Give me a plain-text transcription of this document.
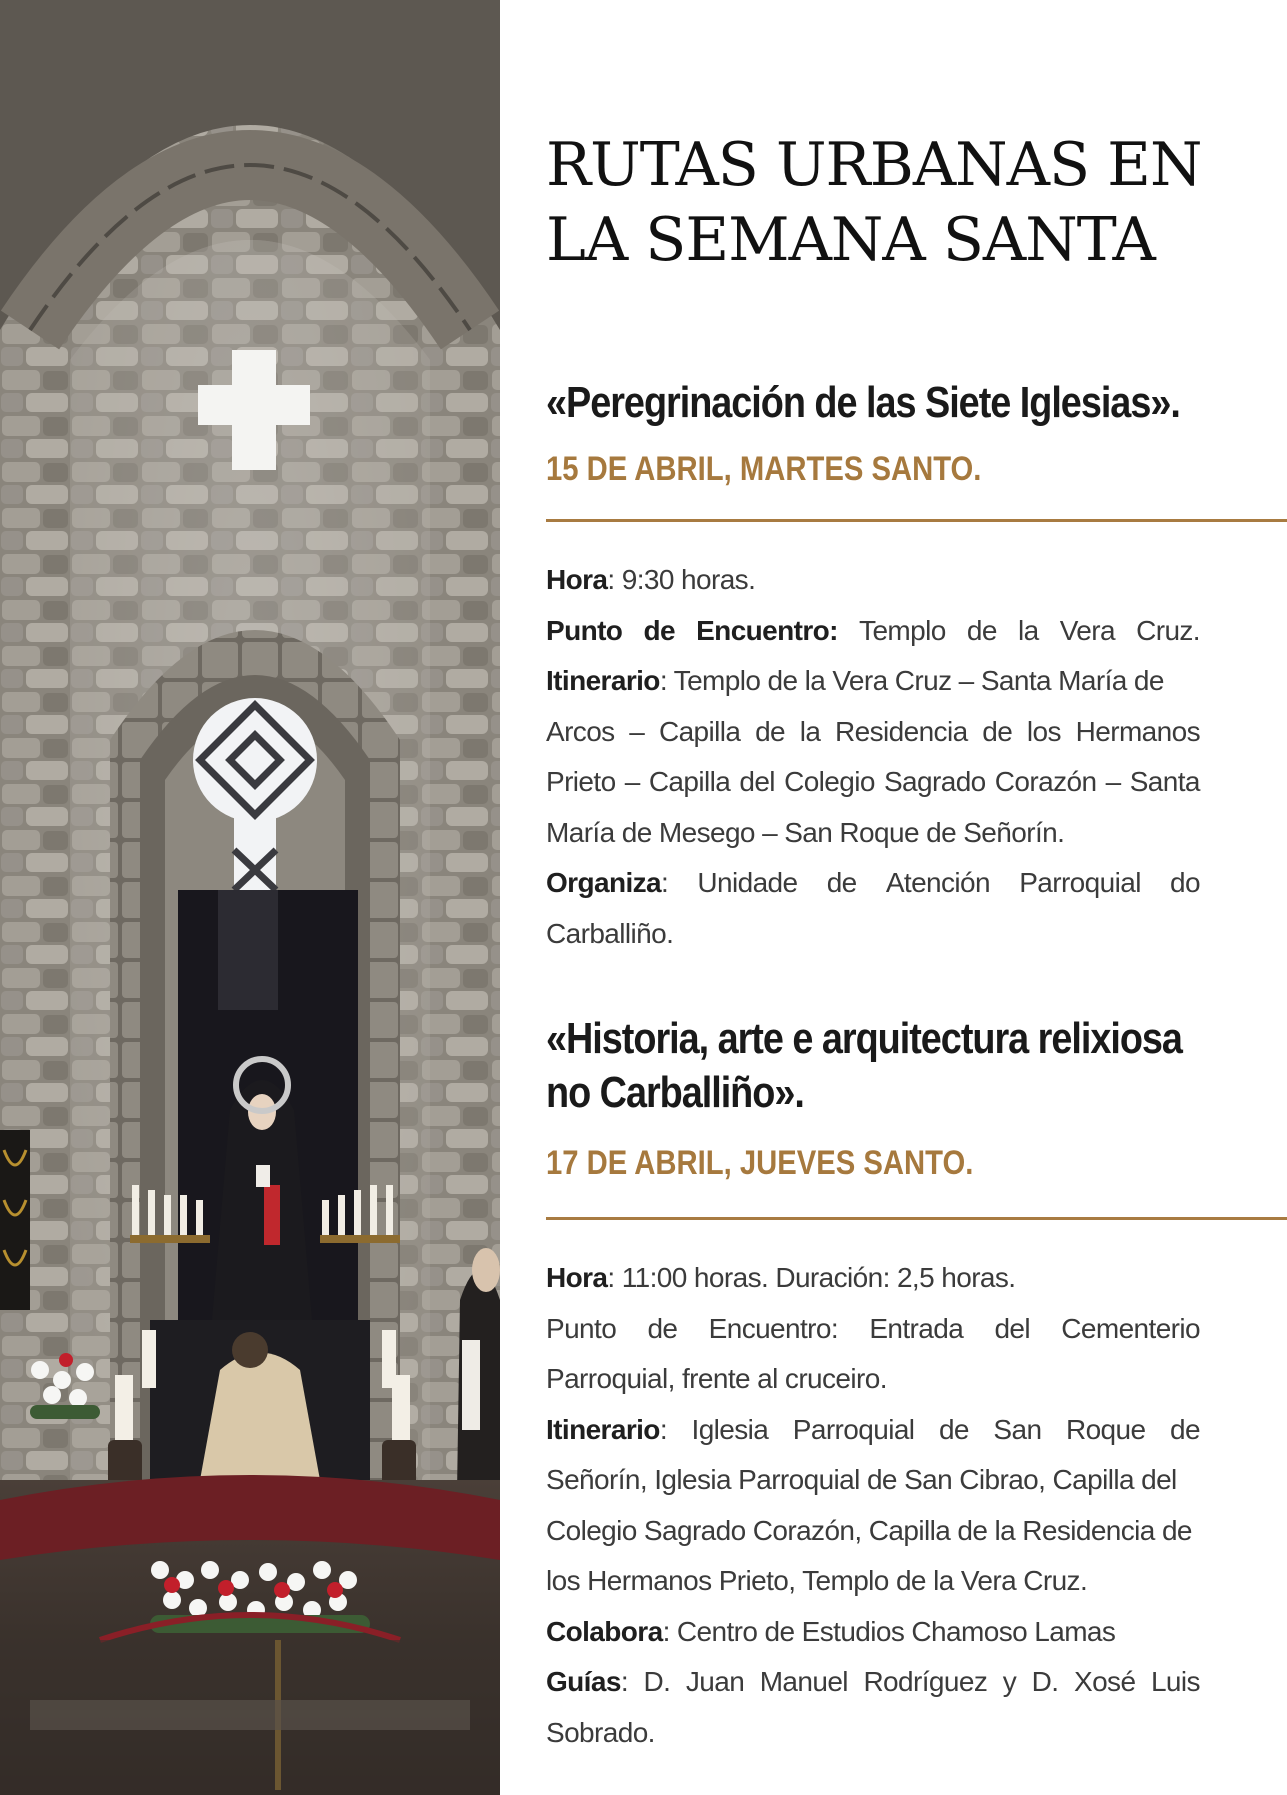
RUTAS URBANAS EN
LA SEMANA SANTA
«Peregrinación de las Siete Iglesias».
15 DE ABRIL, MARTES SANTO.
Hora: 9:30 horas.
Punto de Encuentro: Templo de la Vera Cruz.
Itinerario: Templo de la Vera Cruz – Santa María de
Arcos – Capilla de la Residencia de los Hermanos
Prieto – Capilla del Colegio Sagrado Corazón – Santa
María de Mesego – San Roque de Señorín.
Organiza: Unidade de Atención Parroquial do
Carballiño.
«Historia, arte e arquitectura relixiosa
no Carballiño».
17 DE ABRIL, JUEVES SANTO.
Hora: 11:00 horas. Duración: 2,5 horas.
Punto de Encuentro: Entrada del Cementerio
Parroquial, frente al cruceiro.
Itinerario: Iglesia Parroquial de San Roque de
Señorín, Iglesia Parroquial de San Cibrao, Capilla del
Colegio Sagrado Corazón, Capilla de la Residencia de
los Hermanos Prieto, Templo de la Vera Cruz.
Colabora: Centro de Estudios Chamoso Lamas
Guías: D. Juan Manuel Rodríguez y D. Xosé Luis
Sobrado.
